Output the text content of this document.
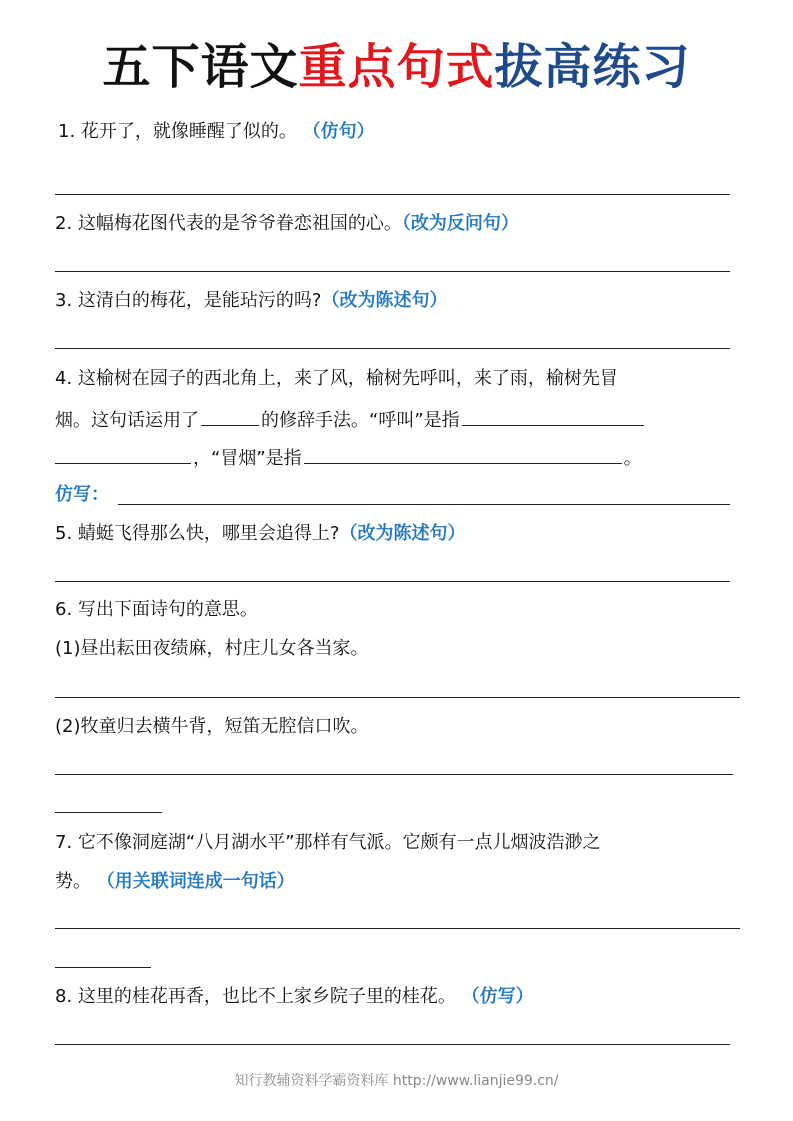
五下语文重点句式拔高练习
1. 花开了，就像睡醒了似的。 （仿句）
2. 这幅梅花图代表的是爷爷眷恋祖国的心。（改为反问句）
3. 这清白的梅花，是能玷污的吗?（改为陈述句）
4. 这榆树在园子的西北角上，来了风，榆树先呼叫，来了雨，榆树先冒
烟。这句话运用了	的修辞手法。“呼叫”是指
，“冒烟”是指	。
仿写：
5. 蜻蜓飞得那么快，哪里会追得上?（改为陈述句）
6. 写出下面诗句的意思。
(1)昼出耘田夜绩麻，村庄儿女各当家。
(2)牧童归去横牛背，短笛无腔信口吹。
7. 它不像洞庭湖“八月湖水平”那样有气派。它颇有一点儿烟波浩渺之
势。 （用关联词连成一句话）
8. 这里的桂花再香，也比不上家乡院子里的桂花。 （仿写）
知行教辅资料学霸资料库 http://www.lianjie99.cn/
